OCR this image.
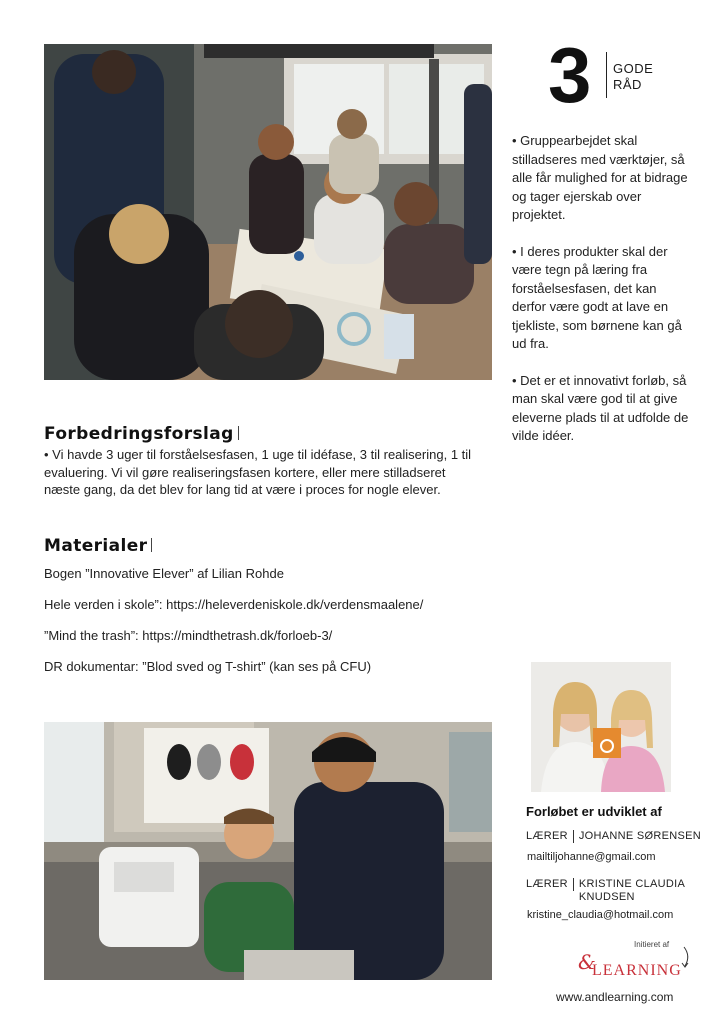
3 GODE
RÅD
• Gruppearbejdet skal stilladseres med værktøjer, så alle får mulighed for at bidrage og tager ejerskab over projektet.
• I deres produkter skal der være tegn på læring fra forståelsesfasen, det kan derfor være godt at lave en tjekliste, som børnene kan gå ud fra.
• Det er et innovativt forløb, så man skal være god til at give eleverne plads til at udfolde de vilde idéer.
Forbedringsforslag
• Vi havde 3 uger til forståelsesfasen, 1 uge til idéfase, 3 til realisering, 1 til evaluering. Vi vil gøre realiseringsfasen kortere, eller mere stilladseret næste gang, da det blev for lang tid at være i proces for nogle elever.
Materialer
Bogen ”Innovative Elever” af Lilian Rohde
Hele verden i skole”: https://heleverdeniskole.dk/verdensmaalene/
”Mind the trash”: https://mindthetrash.dk/forloeb-3/
DR dokumentar: ”Blod sved og T-shirt” (kan ses på CFU)
Forløbet er udviklet af
LÆRER	JOHANNE SØRENSEN
mailtiljohanne@gmail.com
LÆRER	KRISTINE CLAUDIA KNUDSEN
kristine_claudia@hotmail.com
Initieret af
&
LEARNING
www.andlearning.com
